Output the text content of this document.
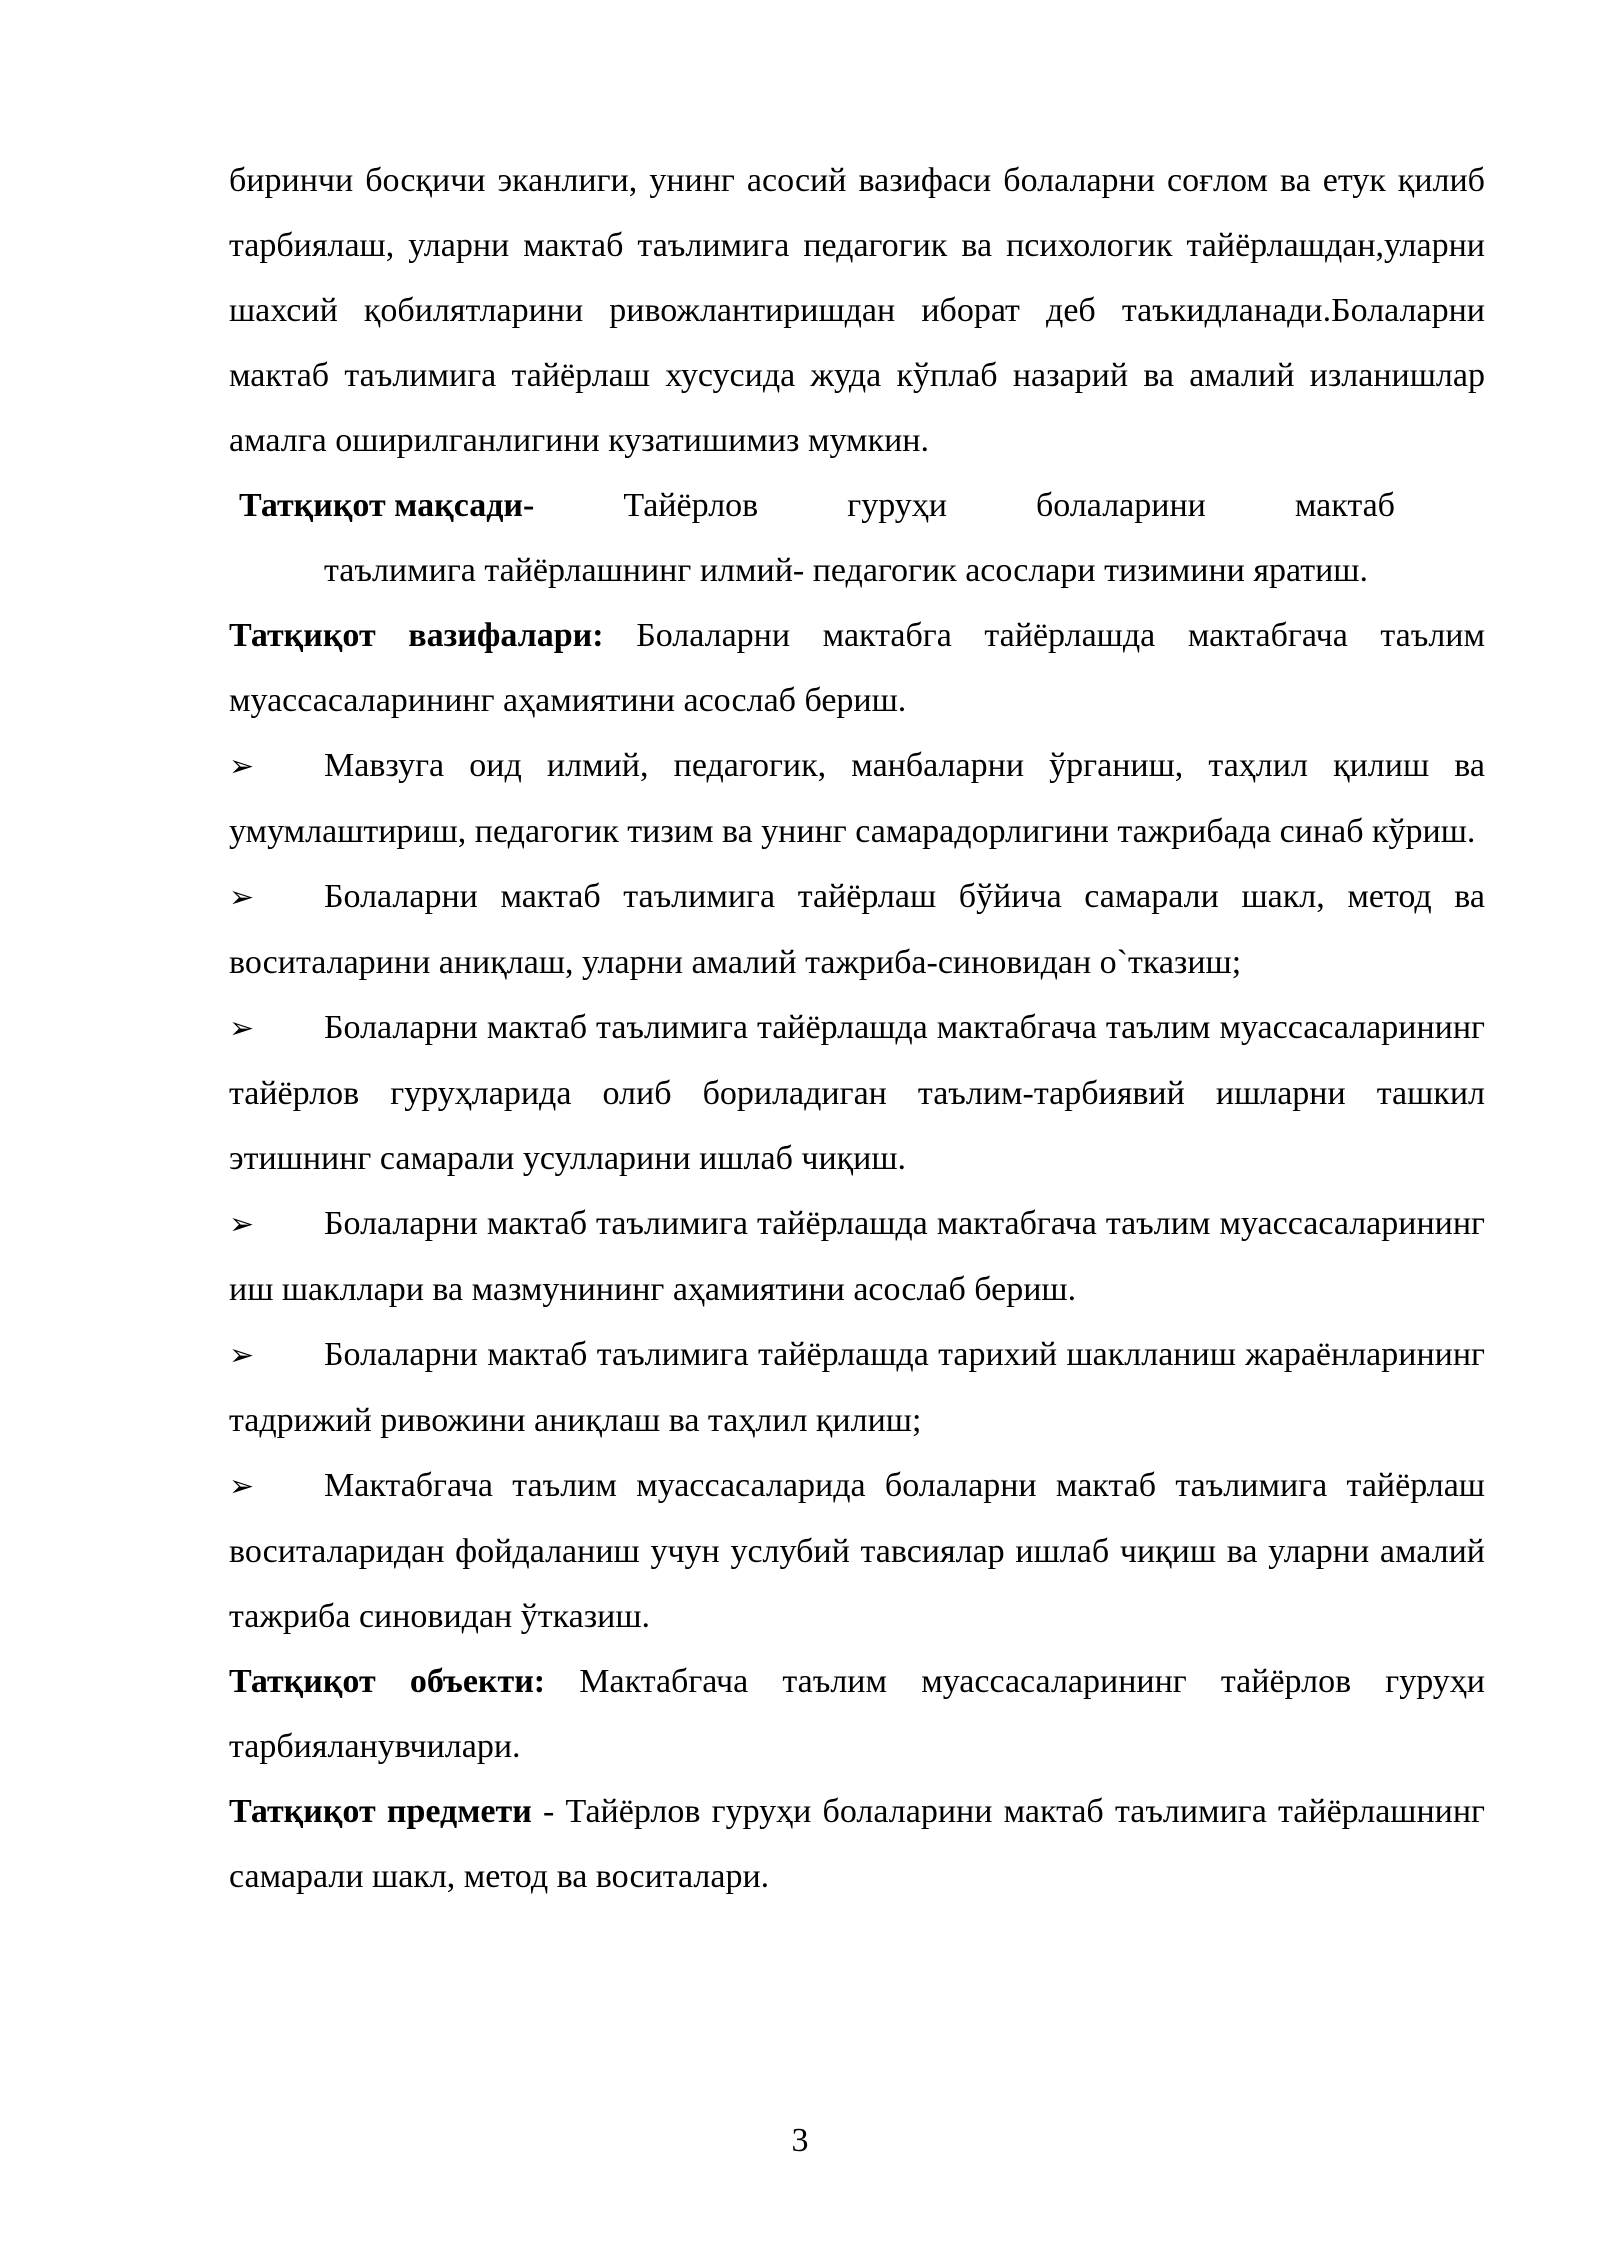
биринчи босқичи эканлиги, унинг асосий вазифаси болаларни соғлом ва етук қилиб тарбиялаш, уларни мактаб таълимига педагогик ва психологик тайёрлашдан,уларни шахсий қобилятларини ривожлантиришдан иборат деб таъкидланади.Болаларни мактаб таълимига тайёрлаш хусусида жуда кўплаб назарий ва амалий изланишлар амалга оширилганлигини кузатишимиз мумкин.

Татқиқот мақсади-	Тайёрлов	гуруҳи	болаларини	мактаб
таълимига тайёрлашнинг илмий- педагогик асослари тизимини яратиш.

Татқиқот вазифалари: Болаларни мактабга тайёрлашда мактабгача таълим муассасаларининг аҳамиятини асослаб бериш.

➢ Мавзуга оид илмий, педагогик, манбаларни ўрганиш, таҳлил қилиш ва умумлаштириш, педагогик тизим ва унинг самарадорлигини тажрибада синаб кўриш.

➢ Болаларни мактаб таълимига тайёрлаш бўйича самарали шакл, метод ва воситаларини аниқлаш, уларни амалий тажриба-синовидан о`тказиш;

➢ Болаларни мактаб таълимига тайёрлашда мактабгача таълим муассасаларининг тайёрлов гуруҳларида олиб бориладиган таълим-тарбиявий ишларни ташкил этишнинг самарали усулларини ишлаб чиқиш.

➢ Болаларни мактаб таълимига тайёрлашда мактабгача таълим муассасаларининг иш шакллари ва мазмунининг аҳамиятини асослаб бериш.

➢ Болаларни мактаб таълимига тайёрлашда тарихий шаклланиш жараёнларининг тадрижий ривожини аниқлаш ва таҳлил қилиш;

➢ Мактабгача таълим муассасаларида болаларни мактаб таълимига тайёрлаш воситаларидан фойдаланиш учун услубий тавсиялар ишлаб чиқиш ва уларни амалий тажриба синовидан ўтказиш.

Татқиқот объекти: Мактабгача таълим муассасаларининг тайёрлов гуруҳи тарбияланувчилари.

Татқиқот предмети - Тайёрлов гуруҳи болаларини мактаб таълимига тайёрлашнинг самарали шакл, метод ва воситалари.

3
